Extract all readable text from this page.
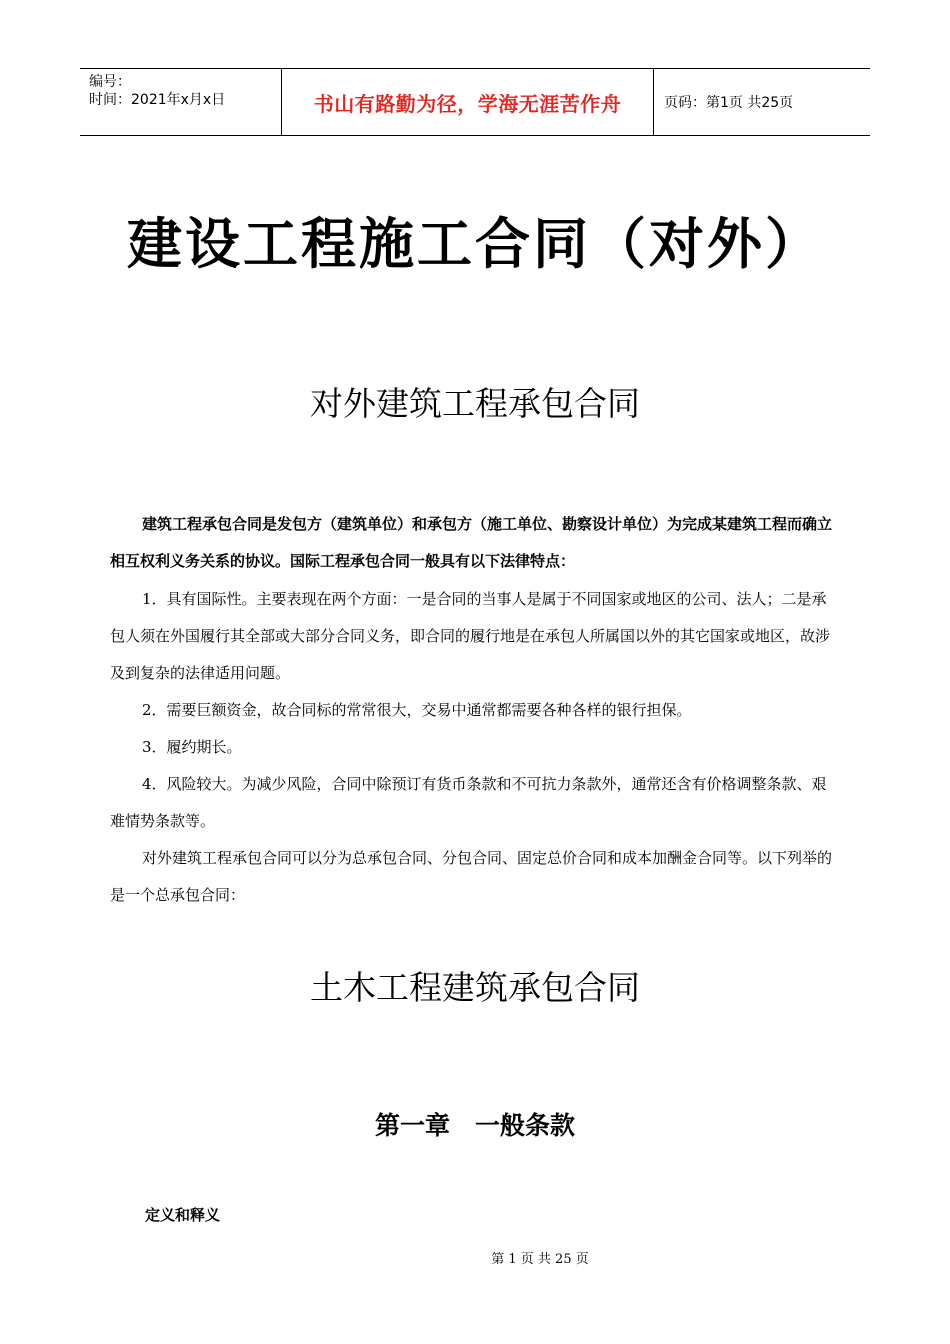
编号：
时间：2021年x月x日	书山有路勤为径，学海无涯苦作舟	页码：第1页 共25页
建设工程施工合同（对外）
对外建筑工程承包合同

建筑工程承包合同是发包方（建筑单位）和承包方（施工单位、勘察设计单位）为完成某建筑工程而确立相互权利义务关系的协议。国际工程承包合同一般具有以下法律特点：

1．具有国际性。主要表现在两个方面：一是合同的当事人是属于不同国家或地区的公司、法人；二是承包人须在外国履行其全部或大部分合同义务，即合同的履行地是在承包人所属国以外的其它国家或地区，故涉及到复杂的法律适用问题。

2．需要巨额资金，故合同标的常常很大，交易中通常都需要各种各样的银行担保。

3．履约期长。

4．风险较大。为减少风险，合同中除预订有货币条款和不可抗力条款外，通常还含有价格调整条款、艰难情势条款等。

对外建筑工程承包合同可以分为总承包合同、分包合同、固定总价合同和成本加酬金合同等。以下列举的是一个总承包合同：

土木工程建筑承包合同
第一章　一般条款
定义和释义
第 1 页 共 25 页
